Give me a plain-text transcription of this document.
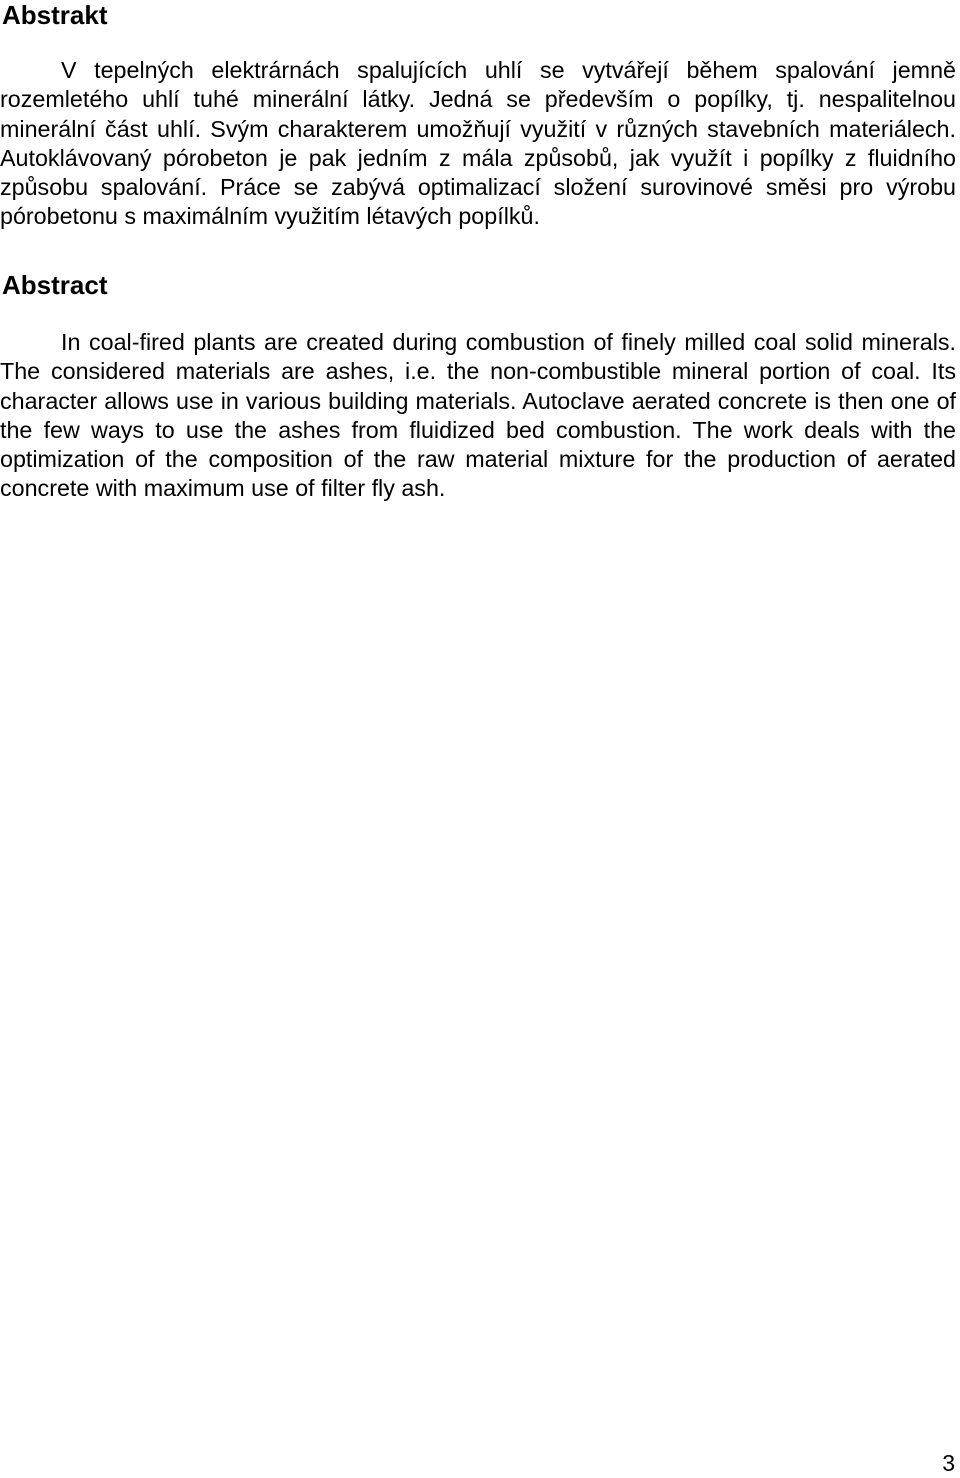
Abstrakt

V tepelných elektrárnách spalujících uhlí se vytvářejí během spalování jemně rozemletého uhlí tuhé minerální látky. Jedná se především o popílky, tj. nespalitelnou minerální část uhlí. Svým charakterem umožňují využití v různých stavebních materiálech. Autoklávovaný pórobeton je pak jedním z mála způsobů, jak využít i popílky z fluidního způsobu spalování. Práce se zabývá optimalizací složení surovinové směsi pro výrobu pórobetonu s maximálním využitím létavých popílků.

Abstract

In coal-fired plants are created during combustion of finely milled coal solid minerals. The considered materials are ashes, i.e. the non-combustible mineral portion of coal. Its character allows use in various building materials. Autoclave aerated concrete is then one of the few ways to use the ashes from fluidized bed combustion. The work deals with the optimization of the composition of the raw material mixture for the production of aerated concrete with maximum use of filter fly ash.

3
